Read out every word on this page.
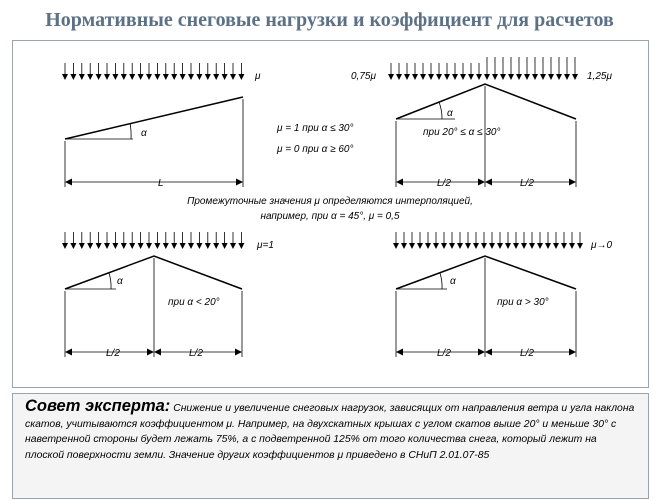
Нормативные снеговые нагрузки и коэффициент для расчетов
μ
α
L
μ = 1 при α ≤ 30°
μ = 0 при α ≥ 60°
0,75μ	1,25μ
α
при 20° ≤ α ≤ 30°
L/2	L/2
Промежуточные значения μ определяются интерполяцией,
например, при α = 45°, μ = 0,5
μ=1
α
при α < 20°
L/2	L/2
μ→0
α
при α > 30°
L/2	L/2
Совет эксперта: Снижение и увеличение снеговых нагрузок, зависящих от направления ветра и угла наклона скатов, учитываются коэффициентом μ. Например, на двухскатных крышах с углом скатов выше 20° и меньше 30° с наветренной стороны будет лежать 75%, а с подветренной 125% от того количества снега, который лежит на плоской поверхности земли. Значение других коэффициентов μ приведено в СНиП 2.01.07-85
